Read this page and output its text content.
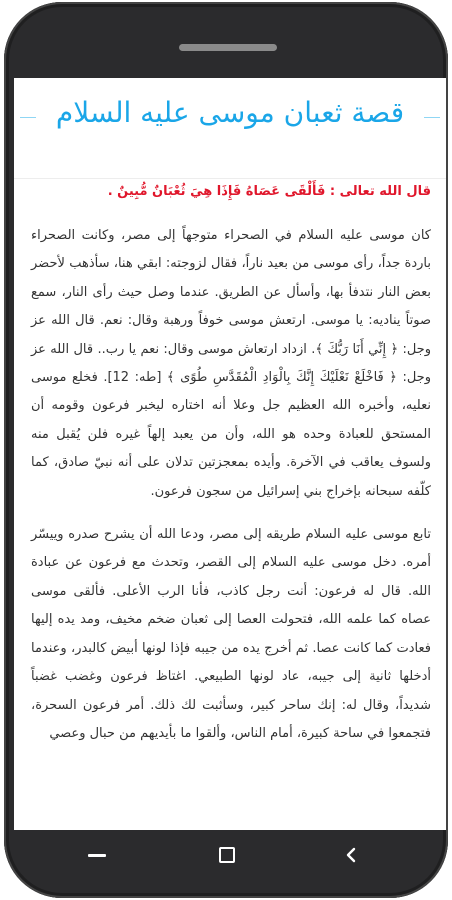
قصة ثعبان موسى عليه السلام

قال الله تعالى : فَأَلْقَى عَصَاهُ فَإِذَا هِيَ ثُعْبَانٌ مُّبِينٌ .

كان موسى عليه السلام في الصحراء متوجهاً إلى مصر، وكانت الصحراء باردة جداً، رأى موسى من بعيد ناراً، فقال لزوجته: ابقي هنا، سأذهب لأحضر بعض النار نتدفأ بها، وأسأل عن الطريق. عندما وصل حيث رأى النار، سمع صوتاً يناديه: يا موسى. ارتعش موسى خوفاً ورهبة وقال: نعم. قال الله عز وجل: ﴿ إِنِّي أَنَا رَبُّكَ ﴾. ازداد ارتعاش موسى وقال: نعم يا رب.. قال الله عز وجل: ﴿ فَاخْلَعْ نَعْلَيْكَ إِنَّكَ بِالْوَادِ الْمُقَدَّسِ طُوًى ﴾ [طه: 12]. فخلع موسى نعليه، وأخبره الله العظيم جل وعلا أنه اختاره ليخبر فرعون وقومه أن المستحق للعبادة وحده هو الله، وأن من يعبد إلهاً غيره فلن يُقبل منه ولسوف يعاقب في الآخرة. وأيده بمعجزتين تدلان على أنه نبيّ صادق، كما كلّفه سبحانه بإخراج بني إسرائيل من سجون فرعون.

تابع موسى عليه السلام طريقه إلى مصر، ودعا الله أن يشرح صدره وييسّر أمره. دخل موسى عليه السلام إلى القصر، وتحدث مع فرعون عن عبادة الله. قال له فرعون: أنت رجل كاذب، فأنا الرب الأعلى. فألقى موسى عصاه كما علمه الله، فتحولت العصا إلى ثعبان ضخم مخيف، ومد يده إليها فعادت كما كانت عصا. ثم أخرج يده من جيبه فإذا لونها أبيض كالبدر، وعندما أدخلها ثانية إلى جيبه، عاد لونها الطبيعي. اغتاظ فرعون وغضب غضباً شديداً، وقال له: إنك ساحر كبير، وسأثبت لك ذلك. أمر فرعون السحرة، فتجمعوا في ساحة كبيرة، أمام الناس، وألقوا ما بأيديهم من حبال وعصي
